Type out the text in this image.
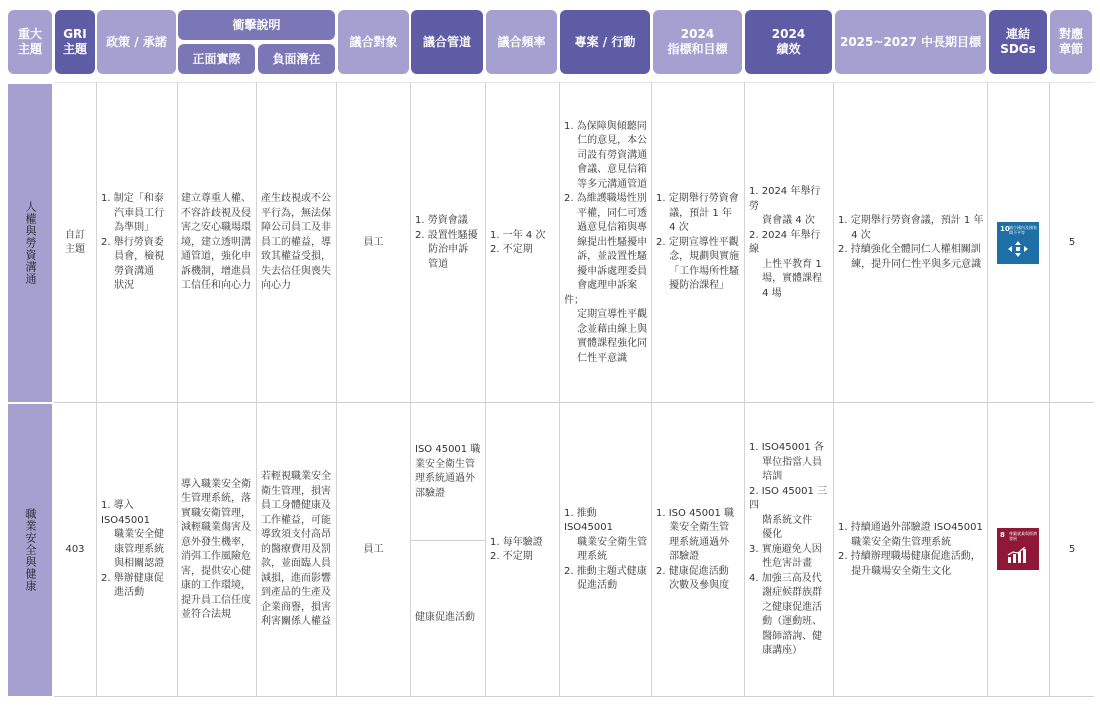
重大
主題
GRI
主題
政策 / 承諾
衝擊說明
正面實際	負面潛在
議合對象 議合管道 議合頻率 專案 / 行動
2024
指標和目標
2024
績效
2025~2027 中長期目標
連結
SDGs
對應
章節
人權與勞資溝通
職業安全與健康
自訂
主題
1. 制定「和泰
　 汽車員工行
　 為準則」
2. 舉行勞資委
　 員會，檢視
　 勞資溝通
　 狀況
建立尊重人權、
不容許歧視及侵
害之安心職場環
境，建立透明溝
通管道，強化申
訴機制，增進員
工信任和向心力
產生歧視或不公
平行為，無法保
障公司員工及非
員工的權益，導
致其權益受損，
失去信任與喪失
向心力
員工
1. 勞資會議
2. 設置性騷擾
　 防治申訴
　 管道
1. 一年 4 次
2. 不定期
1. 為保障與傾聽同
　 仁的意見，本公
　 司設有勞資溝通
　 會議、意見信箱
　 等多元溝通管道
2. 為維護職場性別
　 平權，同仁可透
　 過意見信箱與專
　 線提出性騷擾申
　 訴，並設置性騷
　 擾申訴處理委員
　 會處理申訴案件；
　 定期宣導性平觀
　 念並藉由線上與
　 實體課程強化同
　 仁性平意識
1. 定期舉行勞資會
　 議，預計 1 年
　 4 次
2. 定期宣導性平觀
　 念，規劃與實施
　 「工作場所性騷
　 擾防治課程」
1. 2024 年舉行勞
　 資會議 4 次
2. 2024 年舉行線
　 上性平教育 1
　 場，實體課程
　 4 場
1. 定期舉行勞資會議，預計 1 年
　 4 次
2. 持續強化全體同仁人權相關訓
　 練，提升同仁性平與多元意識
10 減少國內及國家間不平等
5
403
1. 導入 ISO45001
　 職業安全健
　 康管理系統
　 與相關認證
2. 舉辦健康促
　 進活動
導入職業安全衛
生管理系統，落
實職安衛管理，
減輕職業傷害及
意外發生機率，
消弭工作風險危
害，提供安心健
康的工作環境，
提升員工信任度
並符合法規
若輕視職業安全
衛生管理，損害
員工身體健康及
工作權益，可能
導致須支付高昂
的醫療費用及罰
款，並面臨人員
減損，進而影響
到產品的生產及
企業商譽，損害
利害關係人權益
員工
ISO 45001 職
業安全衛生管
理系統通過外
部驗證
健康促進活動
1. 每年驗證
2. 不定期
1. 推動 ISO45001
　 職業安全衛生管
　 理系統
2. 推動主題式健康
　 促進活動
1. ISO 45001 職
　 業安全衛生管
　 理系統通過外
　 部驗證
2. 健康促進活動
　 次數及參與度
1. ISO45001 各
　 單位指當人員
　 培訓
2. ISO 45001 三四
　 階系統文件
　 優化
3. 實施避免人因
　 性危害計畫
4. 加強三高及代
　 謝症候群族群
　 之健康促進活
　 動（運動班、
　 醫師諮詢、健
　 康講座）
1. 持續通過外部驗證 ISO45001
　 職業安全衛生管理系統
2. 持續辦理職場健康促進活動，
　 提升職場安全衛生文化
8 尊嚴就業與經濟發展
5
